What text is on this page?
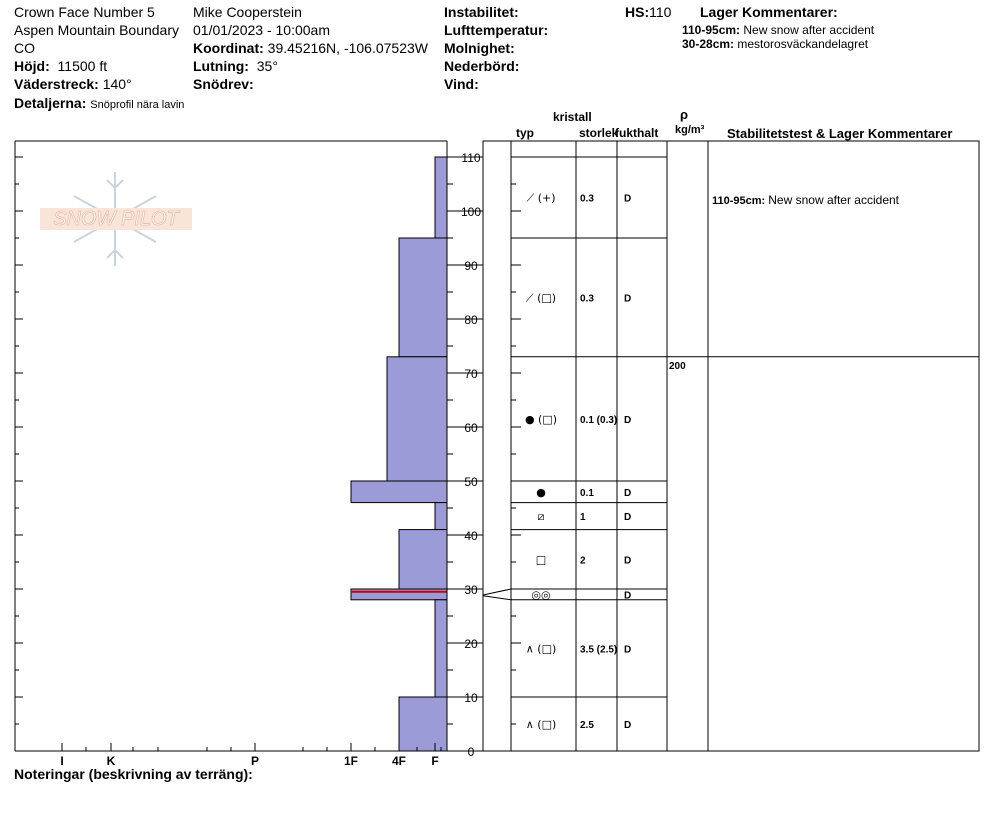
Crown Face Number 5
Aspen Mountain Boundary
CO
Höjd: 11500 ft
Väderstreck: 140°
Detaljerna: Snöprofil nära lavin
Mike Cooperstein
01/01/2023 - 10:00am
Koordinat: 39.45216N, -106.07523W
Lutning: 35°
Snödrev:
Instabilitet:
Lufttemperatur:
Molnighet:
Nederbörd:
Vind:
HS:110 Lager Kommentarer:
110-95cm: New snow after accident
30-28cm: mestorosväckandelagret
kristall
typ	storlek
fukthalt
ρ
kg/m³ Stabilitetstest & Lager Kommentarer
Noteringar (beskrivning av terräng):
SNOW PILOT
0
10
20
30
40
50
60
70
80
90
100
110
I	K	P	1F	4F F
⟋ (+) 0.3	D
⟋ (□) 0.3	D
● (□) 0.1 (0.3) D
200
●	0.1	D
⧄	1	D
□	2	D
◎◎	D
∧ (□) 3.5 (2.5) D
∧ (□) 2.5	D
110-95cm: New snow after accident
